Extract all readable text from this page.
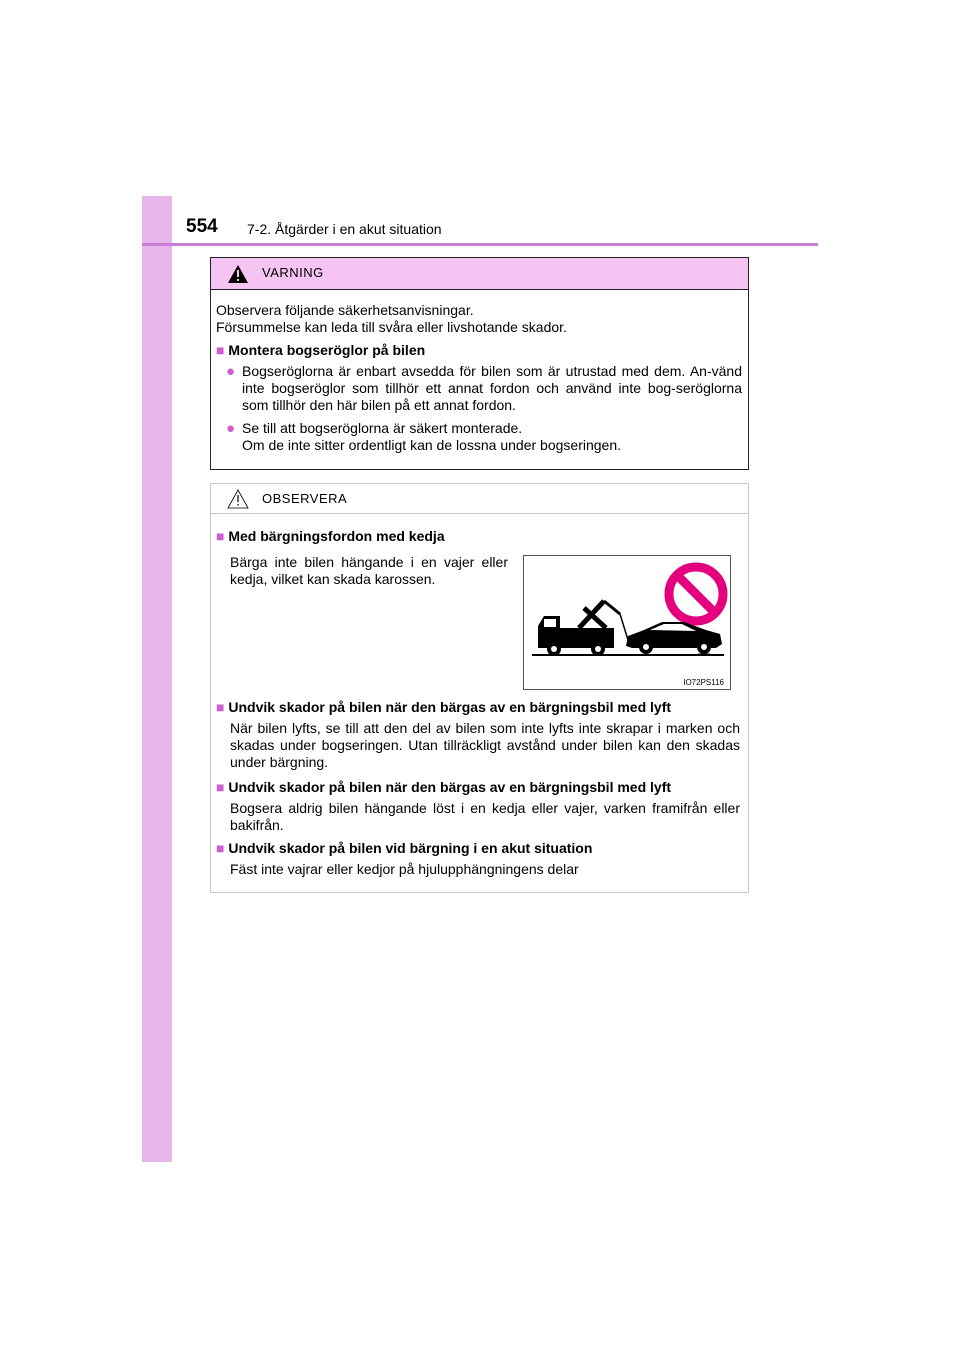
554 7-2. Åtgärder i en akut situation
VARNING
Observera följande säkerhetsanvisningar.
Försummelse kan leda till svåra eller livshotande skador.
■ Montera bogseröglor på bilen
● Bogseröglorna är enbart avsedda för bilen som är utrustad med dem. An-vänd inte bogseröglor som tillhör ett annat fordon och använd inte bog-seröglorna som tillhör den här bilen på ett annat fordon.
● Se till att bogseröglorna är säkert monterade.
Om de inte sitter ordentligt kan de lossna under bogseringen.
OBSERVERA
■ Med bärgningsfordon med kedja
Bärga inte bilen hängande i en vajer eller kedja, vilket kan skada karossen.
IO72PS116
■ Undvik skador på bilen när den bärgas av en bärgningsbil med lyft
När bilen lyfts, se till att den del av bilen som inte lyfts inte skrapar i marken och skadas under bogseringen. Utan tillräckligt avstånd under bilen kan den skadas under bärgning.
■ Undvik skador på bilen när den bärgas av en bärgningsbil med lyft
Bogsera aldrig bilen hängande löst i en kedja eller vajer, varken framifrån eller bakifrån.
■ Undvik skador på bilen vid bärgning i en akut situation
Fäst inte vajrar eller kedjor på hjulupphängningens delar
